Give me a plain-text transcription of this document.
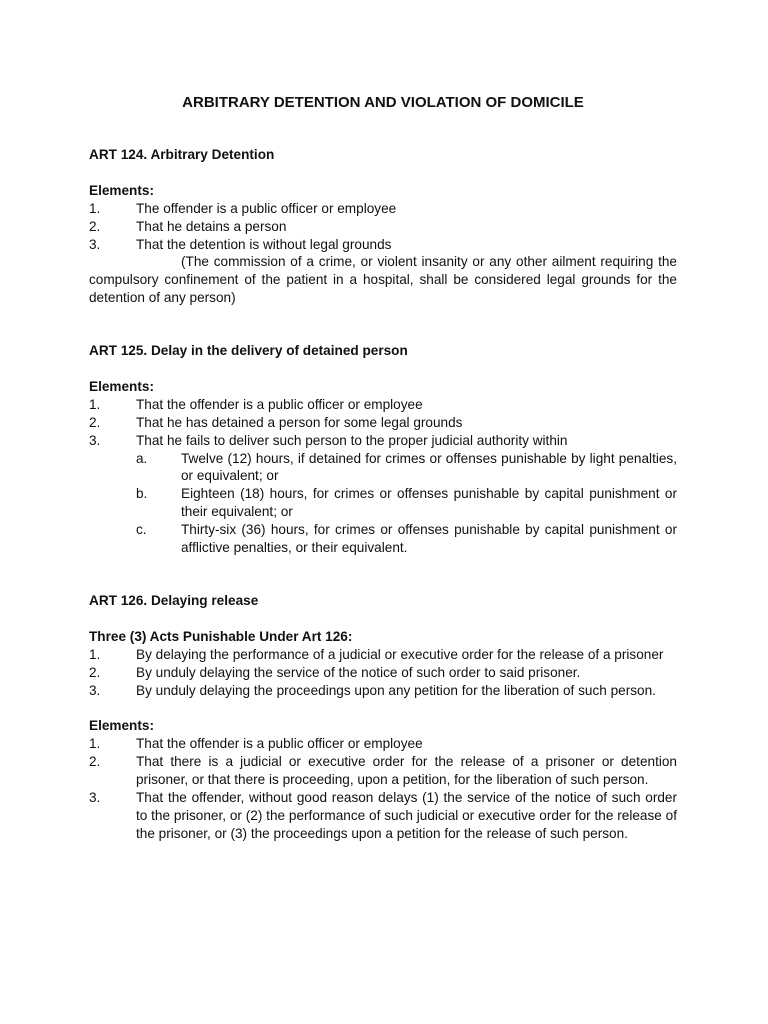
ARBITRARY DETENTION AND VIOLATION OF DOMICILE
ART 124. Arbitrary Detention
Elements:
1.	The offender is a public officer or employee
2.	That he detains a person
3.	That the detention is without legal grounds

(The commission of a crime, or violent insanity or any other ailment requiring the compulsory confinement of the patient in a hospital, shall be considered legal grounds for the detention of any person)

ART 125. Delay in the delivery of detained person
Elements:
1.	That the offender is a public officer or employee
2.	That he has detained a person for some legal grounds
3.	That he fails to deliver such person to the proper judicial authority within
a.	Twelve (12) hours, if detained for crimes or offenses punishable by light penalties, or equivalent; or
b.	Eighteen (18) hours, for crimes or offenses punishable by capital punishment or their equivalent; or
c.	Thirty-six (36) hours, for crimes or offenses punishable by capital punishment or afflictive penalties, or their equivalent.
ART 126. Delaying release
Three (3) Acts Punishable Under Art 126:
1.	By delaying the performance of a judicial or executive order for the release of a prisoner
2.	By unduly delaying the service of the notice of such order to said prisoner.
3.	By unduly delaying the proceedings upon any petition for the liberation of such person.
Elements:
1.	That the offender is a public officer or employee
2.	That there is a judicial or executive order for the release of a prisoner or detention prisoner, or that there is proceeding, upon a petition, for the liberation of such person.
3.	That the offender, without good reason delays (1) the service of the notice of such order to the prisoner, or (2) the performance of such judicial or executive order for the release of the prisoner, or (3) the proceedings upon a petition for the release of such person.
